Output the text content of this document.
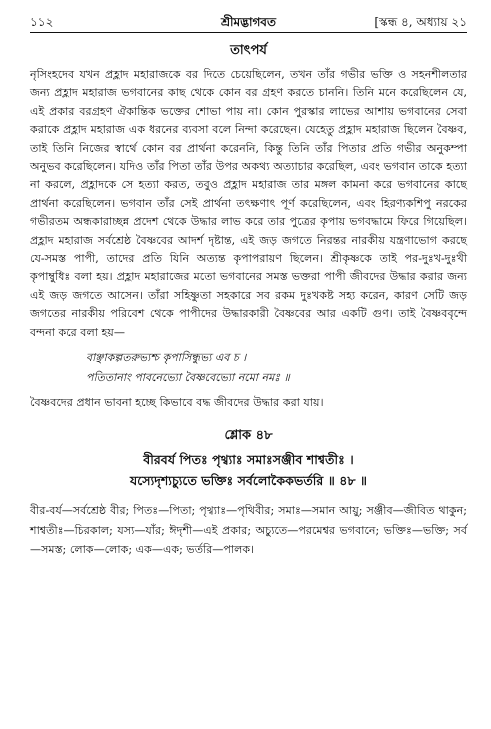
১১২	শ্রীমদ্ভাগবত	[স্কন্ধ ৪, অধ্যায় ২১
তাৎপর্য

নৃসিংহদেব যখন প্রহ্লাদ মহারাজকে বর দিতে চেয়েছিলেন, তখন তাঁর গভীর ভক্তি ও সহনশীলতার জন্য প্রহ্লাদ মহারাজ ভগবানের কাছ থেকে কোন বর গ্রহণ করতে চাননি। তিনি মনে করেছিলেন যে, এই প্রকার বরগ্রহণ ঐকান্তিক ভক্তের শোভা পায় না। কোন পুরস্কার লাভের আশায় ভগবানের সেবা করাকে প্রহ্লাদ মহারাজ এক ধরনের ব্যবসা বলে নিন্দা করেছেন। যেহেতু প্রহ্লাদ মহারাজ ছিলেন বৈষ্ণব, তাই তিনি নিজের স্বার্থে কোন বর প্রার্থনা করেননি, কিন্তু তিনি তাঁর পিতার প্রতি গভীর অনুকম্পা অনুভব করেছিলেন। যদিও তাঁর পিতা তাঁর উপর অকথ্য অত্যাচার করেছিল, এবং ভগবান তাকে হত্যা না করলে, প্রহ্লাদকে সে হত্যা করত, তবুও প্রহ্লাদ মহারাজ তার মঙ্গল কামনা করে ভগবানের কাছে প্রার্থনা করেছিলেন। ভগবান তাঁর সেই প্রার্থনা তৎক্ষণাৎ পূর্ণ করেছিলেন, এবং হিরণ্যকশিপু নরকের গভীরতম অন্ধকারাচ্ছন্ন প্রদেশ থেকে উদ্ধার লাভ করে তার পুত্রের কৃপায় ভগবদ্ধামে ফিরে গিয়েছিল। প্রহ্লাদ মহারাজ সর্বশ্রেষ্ঠ বৈষ্ণবের আদর্শ দৃষ্টান্ত, এই জড় জগতে নিরন্তর নারকীয় যন্ত্রণাভোগ করছে যে-সমস্ত পাপী, তাদের প্রতি যিনি অত্যন্ত কৃপাপরায়ণ ছিলেন। শ্রীকৃষ্ণকে তাই পর-দুঃখ-দুঃখী কৃপাম্বুধিঃ বলা হয়। প্রহ্লাদ মহারাজের মতো ভগবানের সমস্ত ভক্তরা পাপী জীবদের উদ্ধার করার জন্য এই জড় জগতে আসেন। তাঁরা সহিষ্ণুতা সহকারে সব রকম দুঃখকষ্ট সহ্য করেন, কারণ সেটি জড় জগতের নারকীয় পরিবেশ থেকে পাপীদের উদ্ধারকারী বৈষ্ণবের আর একটি গুণ। তাই বৈষ্ণববৃন্দে বন্দনা করে বলা হয়—

বাঞ্ছাকল্পতরুভ্যশ্চ কৃপাসিন্ধুভ্য এব চ ।
পতিতানাং পাবনেভ্যো বৈষ্ণবেভ্যো নমো নমঃ ॥

বৈষ্ণবদের প্রধান ভাবনা হচ্ছে কিভাবে বদ্ধ জীবদের উদ্ধার করা যায়।

শ্লোক ৪৮

বীরবর্য পিতঃ পৃথ্ব্যাঃ সমাঃসঞ্জীব শাশ্বতীঃ ।

যস্যেদৃশ্যচ্যুতে ভক্তিঃ সর্বলোকৈকভর্তরি ॥ ৪৮ ॥

বীর-বর্য—সর্বশ্রেষ্ঠ বীর; পিতঃ—পিতা; পৃথ্ব্যাঃ—পৃথিবীর; সমাঃ—সমান আয়ু; সঞ্জীব—জীবিত থাকুন; শাশ্বতীঃ—চিরকাল; যস্য—যাঁর; ঈদৃশী—এই প্রকার; অচ্যুতে—পরমেশ্বর ভগবানে; ভক্তিঃ—ভক্তি; সর্ব—সমস্ত; লোক—লোক; এক—এক; ভর্তরি—পালক।
